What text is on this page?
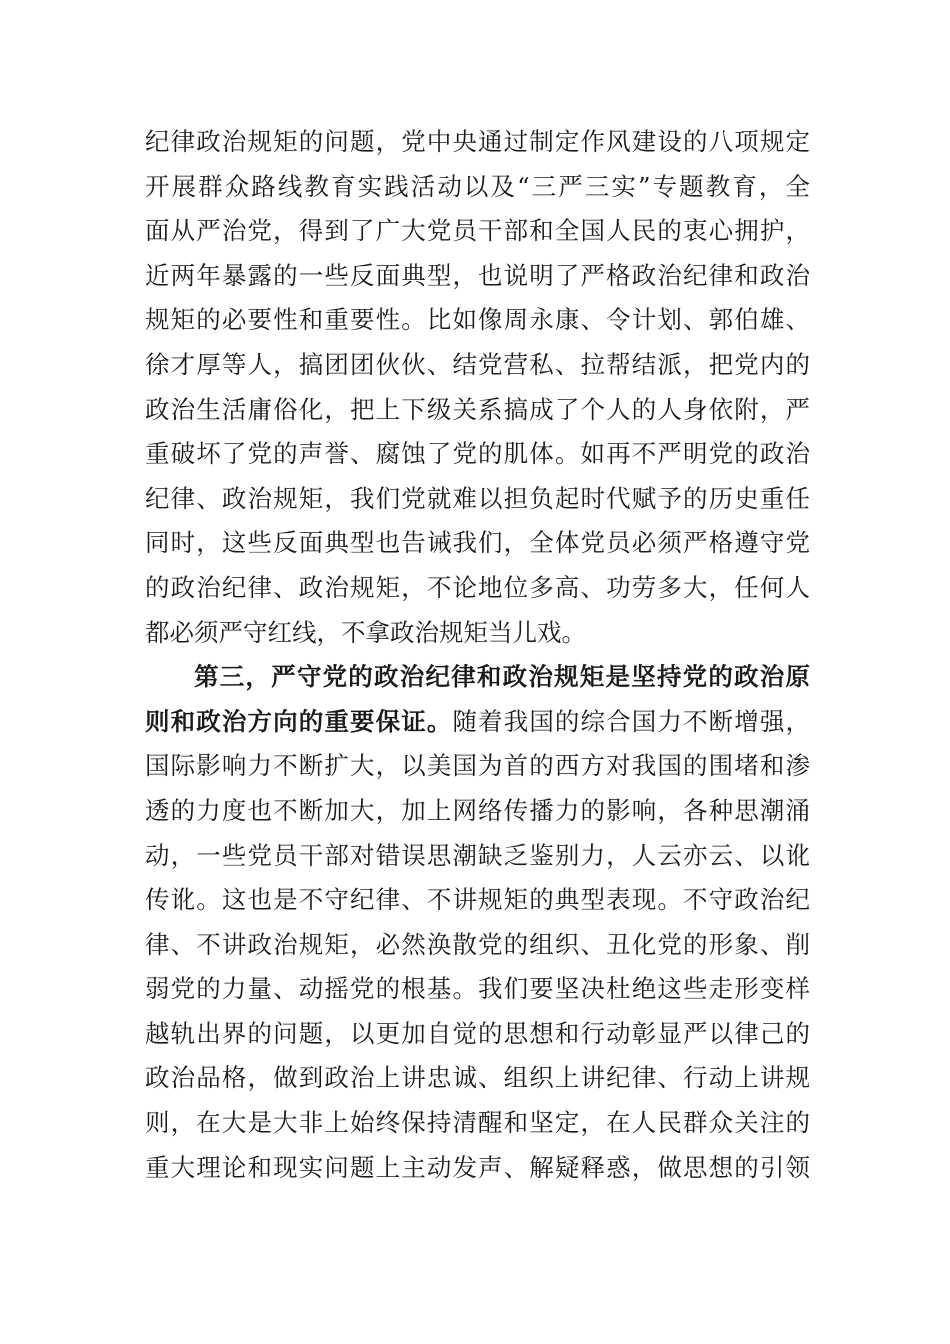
纪律政治规矩的问题，党中央通过制定作风建设的八项规定
开展群众路线教育实践活动以及“三严三实”专题教育，全
面从严治党，得到了广大党员干部和全国人民的衷心拥护，
近两年暴露的一些反面典型，也说明了严格政治纪律和政治
规矩的必要性和重要性。比如像周永康、令计划、郭伯雄、
徐才厚等人，搞团团伙伙、结党营私、拉帮结派，把党内的
政治生活庸俗化，把上下级关系搞成了个人的人身依附，严
重破坏了党的声誉、腐蚀了党的肌体。如再不严明党的政治
纪律、政治规矩，我们党就难以担负起时代赋予的历史重任
同时，这些反面典型也告诫我们，全体党员必须严格遵守党
的政治纪律、政治规矩，不论地位多高、功劳多大，任何人
都必须严守红线，不拿政治规矩当儿戏。
第三，严守党的政治纪律和政治规矩是坚持党的政治原
则和政治方向的重要保证。随着我国的综合国力不断增强，
国际影响力不断扩大，以美国为首的西方对我国的围堵和渗
透的力度也不断加大，加上网络传播力的影响，各种思潮涌
动，一些党员干部对错误思潮缺乏鉴别力，人云亦云、以讹
传讹。这也是不守纪律、不讲规矩的典型表现。不守政治纪
律、不讲政治规矩，必然涣散党的组织、丑化党的形象、削
弱党的力量、动摇党的根基。我们要坚决杜绝这些走形变样
越轨出界的问题，以更加自觉的思想和行动彰显严以律己的
政治品格，做到政治上讲忠诚、组织上讲纪律、行动上讲规
则，在大是大非上始终保持清醒和坚定，在人民群众关注的
重大理论和现实问题上主动发声、解疑释惑，做思想的引领
